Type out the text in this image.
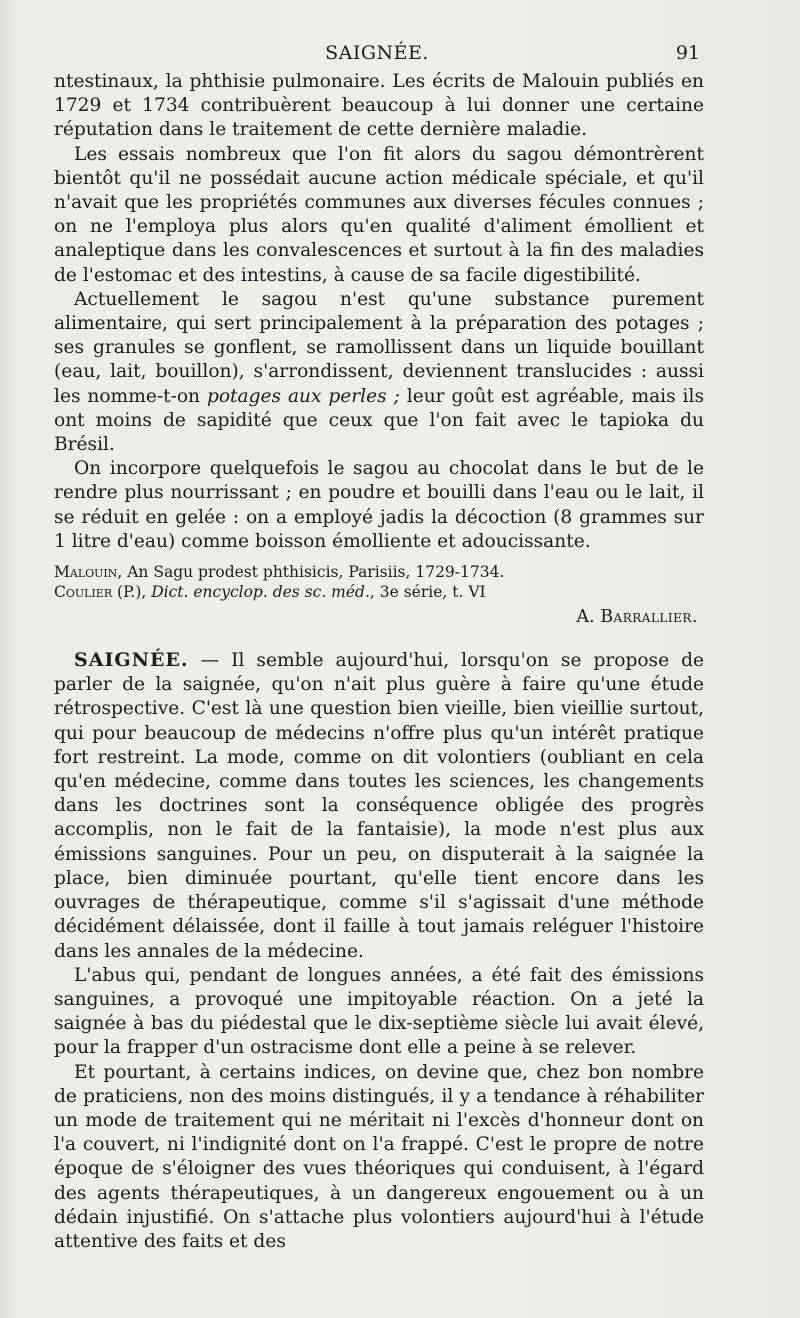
SAIGNÉE.	91

ntestinaux, la phthisie pulmonaire. Les écrits de Malouin publiés en 1729 et 1734 contribuèrent beaucoup à lui donner une certaine réputation dans le traitement de cette dernière maladie.

Les essais nombreux que l'on fit alors du sagou démontrèrent bientôt qu'il ne possédait aucune action médicale spéciale, et qu'il n'avait que les propriétés communes aux diverses fécules connues ; on ne l'employa plus alors qu'en qualité d'aliment émollient et analeptique dans les convalescences et surtout à la fin des maladies de l'estomac et des intestins, à cause de sa facile digestibilité.

Actuellement le sagou n'est qu'une substance purement alimentaire, qui sert principalement à la préparation des potages ; ses granules se gonflent, se ramollissent dans un liquide bouillant (eau, lait, bouillon), s'arrondissent, deviennent translucides : aussi les nomme-t-on potages aux perles ; leur goût est agréable, mais ils ont moins de sapidité que ceux que l'on fait avec le tapioka du Brésil.

On incorpore quelquefois le sagou au chocolat dans le but de le rendre plus nourrissant ; en poudre et bouilli dans l'eau ou le lait, il se réduit en gelée : on a employé jadis la décoction (8 grammes sur 1 litre d'eau) comme boisson émolliente et adoucissante.

Malouin, An Sagu prodest phthisicis, Parisiis, 1729-1734.
Coulier (P.), Dict. encyclop. des sc. méd., 3e série, t. VI

A. Barrallier.

SAIGNÉE. — Il semble aujourd'hui, lorsqu'on se propose de parler de la saignée, qu'on n'ait plus guère à faire qu'une étude rétrospective. C'est là une question bien vieille, bien vieillie surtout, qui pour beaucoup de médecins n'offre plus qu'un intérêt pratique fort restreint. La mode, comme on dit volontiers (oubliant en cela qu'en médecine, comme dans toutes les sciences, les changements dans les doctrines sont la conséquence obligée des progrès accomplis, non le fait de la fantaisie), la mode n'est plus aux émissions sanguines. Pour un peu, on disputerait à la saignée la place, bien diminuée pourtant, qu'elle tient encore dans les ouvrages de thérapeutique, comme s'il s'agissait d'une méthode décidément délaissée, dont il faille à tout jamais reléguer l'histoire dans les annales de la médecine.

L'abus qui, pendant de longues années, a été fait des émissions sanguines, a provoqué une impitoyable réaction. On a jeté la saignée à bas du piédestal que le dix-septième siècle lui avait élevé, pour la frapper d'un ostracisme dont elle a peine à se relever.

Et pourtant, à certains indices, on devine que, chez bon nombre de praticiens, non des moins distingués, il y a tendance à réhabiliter un mode de traitement qui ne méritait ni l'excès d'honneur dont on l'a couvert, ni l'indignité dont on l'a frappé. C'est le propre de notre époque de s'éloigner des vues théoriques qui conduisent, à l'égard des agents thérapeutiques, à un dangereux engouement ou à un dédain injustifié. On s'attache plus volontiers aujourd'hui à l'étude attentive des faits et des
